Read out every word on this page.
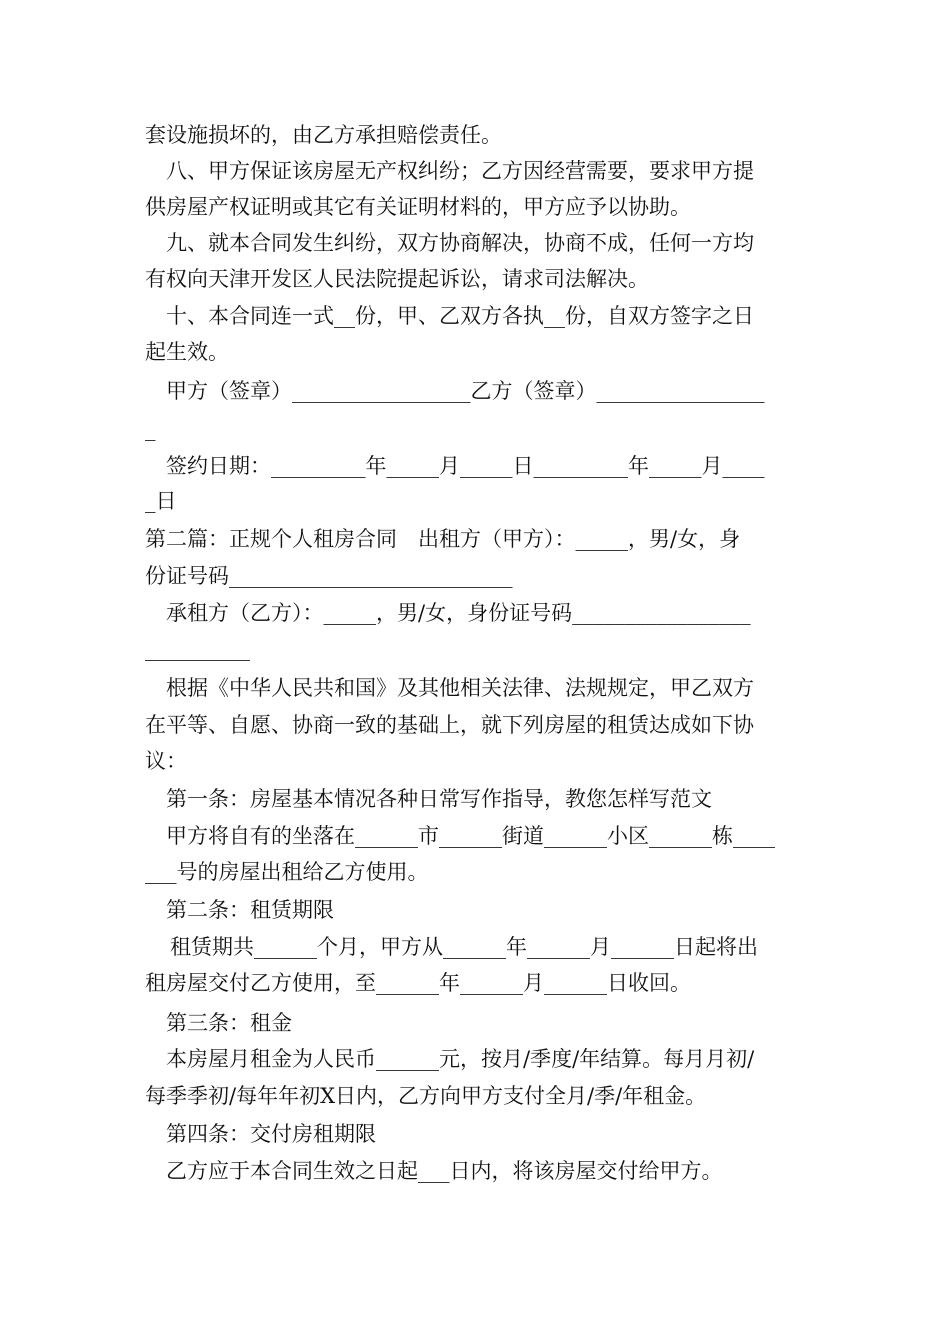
套设施损坏的，由乙方承担赔偿责任。
八、甲方保证该房屋无产权纠纷；乙方因经营需要，要求甲方提
供房屋产权证明或其它有关证明材料的，甲方应予以协助。
九、就本合同发生纠纷，双方协商解决，协商不成，任何一方均
有权向天津开发区人民法院提起诉讼，请求司法解决。
十、本合同连一式__份，甲、乙双方各执__份，自双方签字之日
起生效。
甲方（签章）_________________乙方（签章）________________
_
签约日期：_________年_____月_____日_________年_____月____
_日
第二篇：正规个人租房合同　出租方（甲方）：_____，男/女，身
份证号码___________________________
承租方（乙方）：_____，男/女，身份证号码_________________
__________
根据《中华人民共和国》及其他相关法律、法规规定，甲乙双方
在平等、自愿、协商一致的基础上，就下列房屋的租赁达成如下协
议：
第一条：房屋基本情况各种日常写作指导，教您怎样写范文
甲方将自有的坐落在______市______街道______小区______栋____
___号的房屋出租给乙方使用。
第二条：租赁期限
租赁期共______个月，甲方从______年______月______日起将出
租房屋交付乙方使用，至______年______月______日收回。
第三条：租金
本房屋月租金为人民币______元，按月/季度/年结算。每月月初/
每季季初/每年年初X日内，乙方向甲方支付全月/季/年租金。
第四条：交付房租期限
乙方应于本合同生效之日起___日内，将该房屋交付给甲方。
